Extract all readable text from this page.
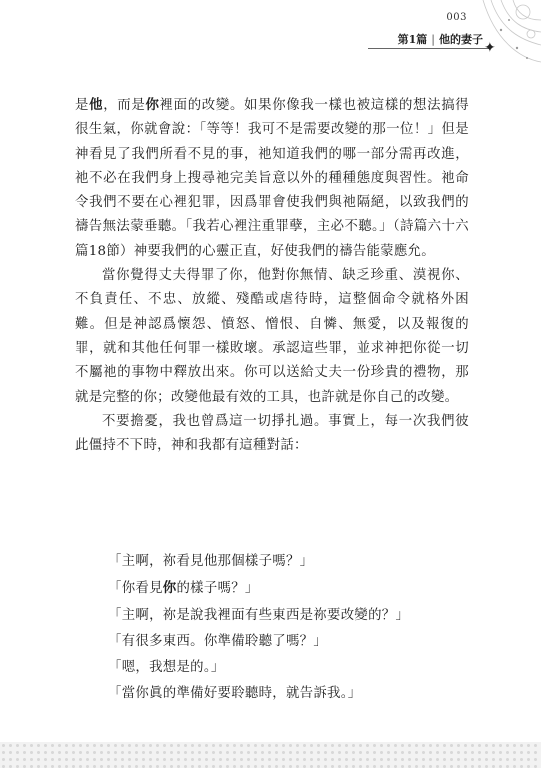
003
第1篇 | 他的妻子
✦

是他，而是你裡面的改變。如果你像我一樣也被這樣的想法搞得很生氣，你就會說：「等等！我可不是需要改變的那一位！」但是神看見了我們所看不見的事，祂知道我們的哪一部分需再改進，祂不必在我們身上搜尋祂完美旨意以外的種種態度與習性。祂命令我們不要在心裡犯罪，因爲罪會使我們與祂隔絕，以致我們的禱告無法蒙垂聽。「我若心裡注重罪孽，主必不聽。」（詩篇六十六篇18節）神要我們的心靈正直，好使我們的禱告能蒙應允。

當你覺得丈夫得罪了你，他對你無情、缺乏珍重、漠視你、不負責任、不忠、放縱、殘酷或虐待時，這整個命令就格外困難。但是神認爲懷怨、憤怒、憎恨、自憐、無愛，以及報復的罪，就和其他任何罪一樣敗壞。承認這些罪，並求神把你從一切不屬祂的事物中釋放出來。你可以送給丈夫一份珍貴的禮物，那就是完整的你；改變他最有效的工具，也許就是你自己的改變。

不要擔憂，我也曾爲這一切掙扎過。事實上，每一次我們彼此僵持不下時，神和我都有這種對話：

「主啊，祢看見他那個樣子嗎？」

「你看見你的樣子嗎？」

「主啊，祢是說我裡面有些東西是祢要改變的？」

「有很多東西。你準備聆聽了嗎？」

「嗯，我想是的。」

「當你眞的準備好要聆聽時，就告訴我。」
